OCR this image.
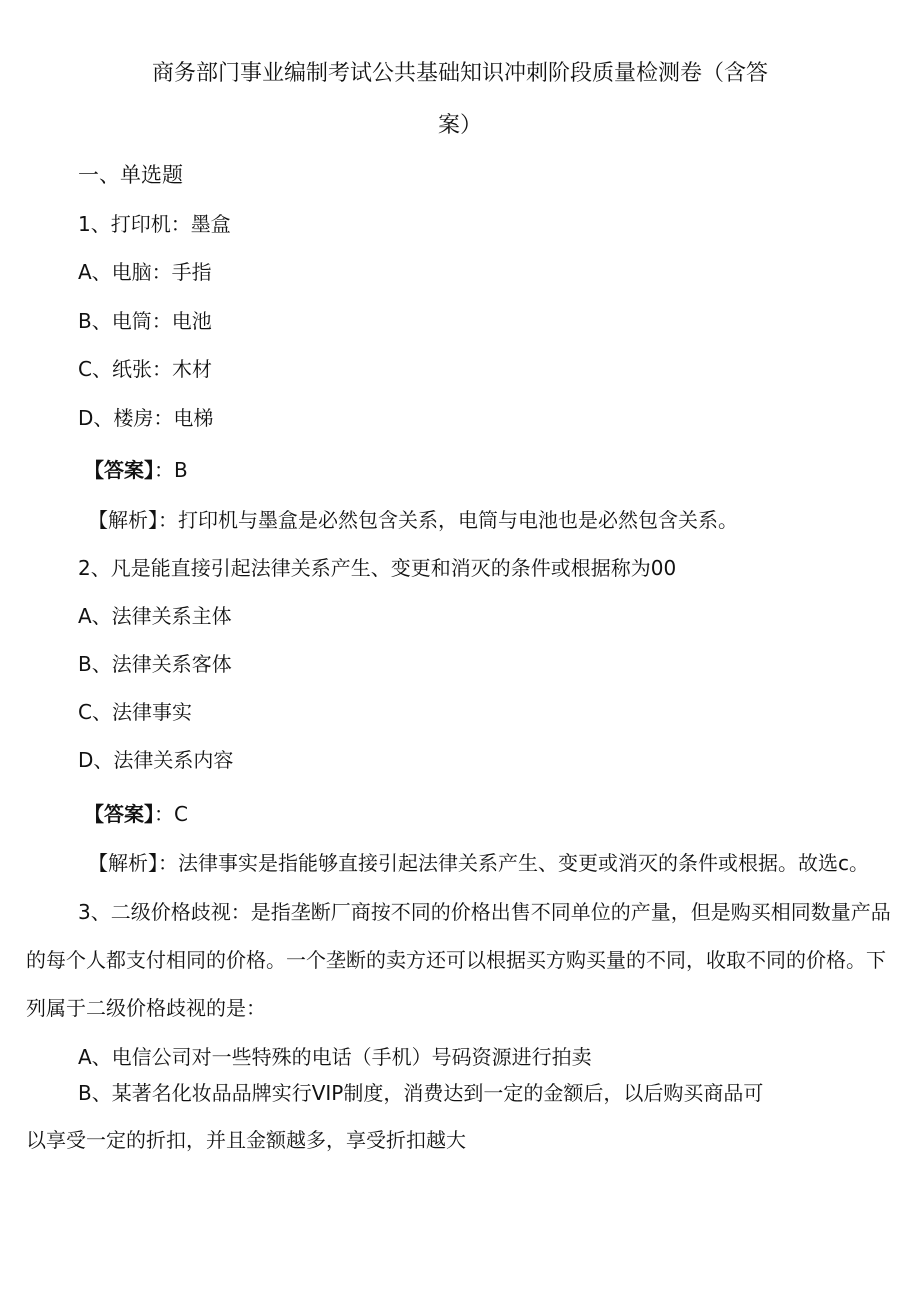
商务部门事业编制考试公共基础知识冲刺阶段质量检测卷（含答
案）
一、单选题
1、打印机：墨盒
A、电脑：手指
B、电筒：电池
C、纸张：木材
D、楼房：电梯
【答案】：B
【解析】：打印机与墨盒是必然包含关系，电筒与电池也是必然包含关系。
2、凡是能直接引起法律关系产生、变更和消灭的条件或根据称为00
A、法律关系主体
B、法律关系客体
C、法律事实
D、法律关系内容
【答案】：C
【解析】：法律事实是指能够直接引起法律关系产生、变更或消灭的条件或根据。故选c。
3、二级价格歧视：是指垄断厂商按不同的价格出售不同单位的产量，但是购买相同数量产品
的每个人都支付相同的价格。一个垄断的卖方还可以根据买方购买量的不同，收取不同的价格。下
列属于二级价格歧视的是：
A、电信公司对一些特殊的电话（手机）号码资源进行拍卖
B、某著名化妆品品牌实行VIP制度，消费达到一定的金额后，以后购买商品可
以享受一定的折扣，并且金额越多，享受折扣越大
